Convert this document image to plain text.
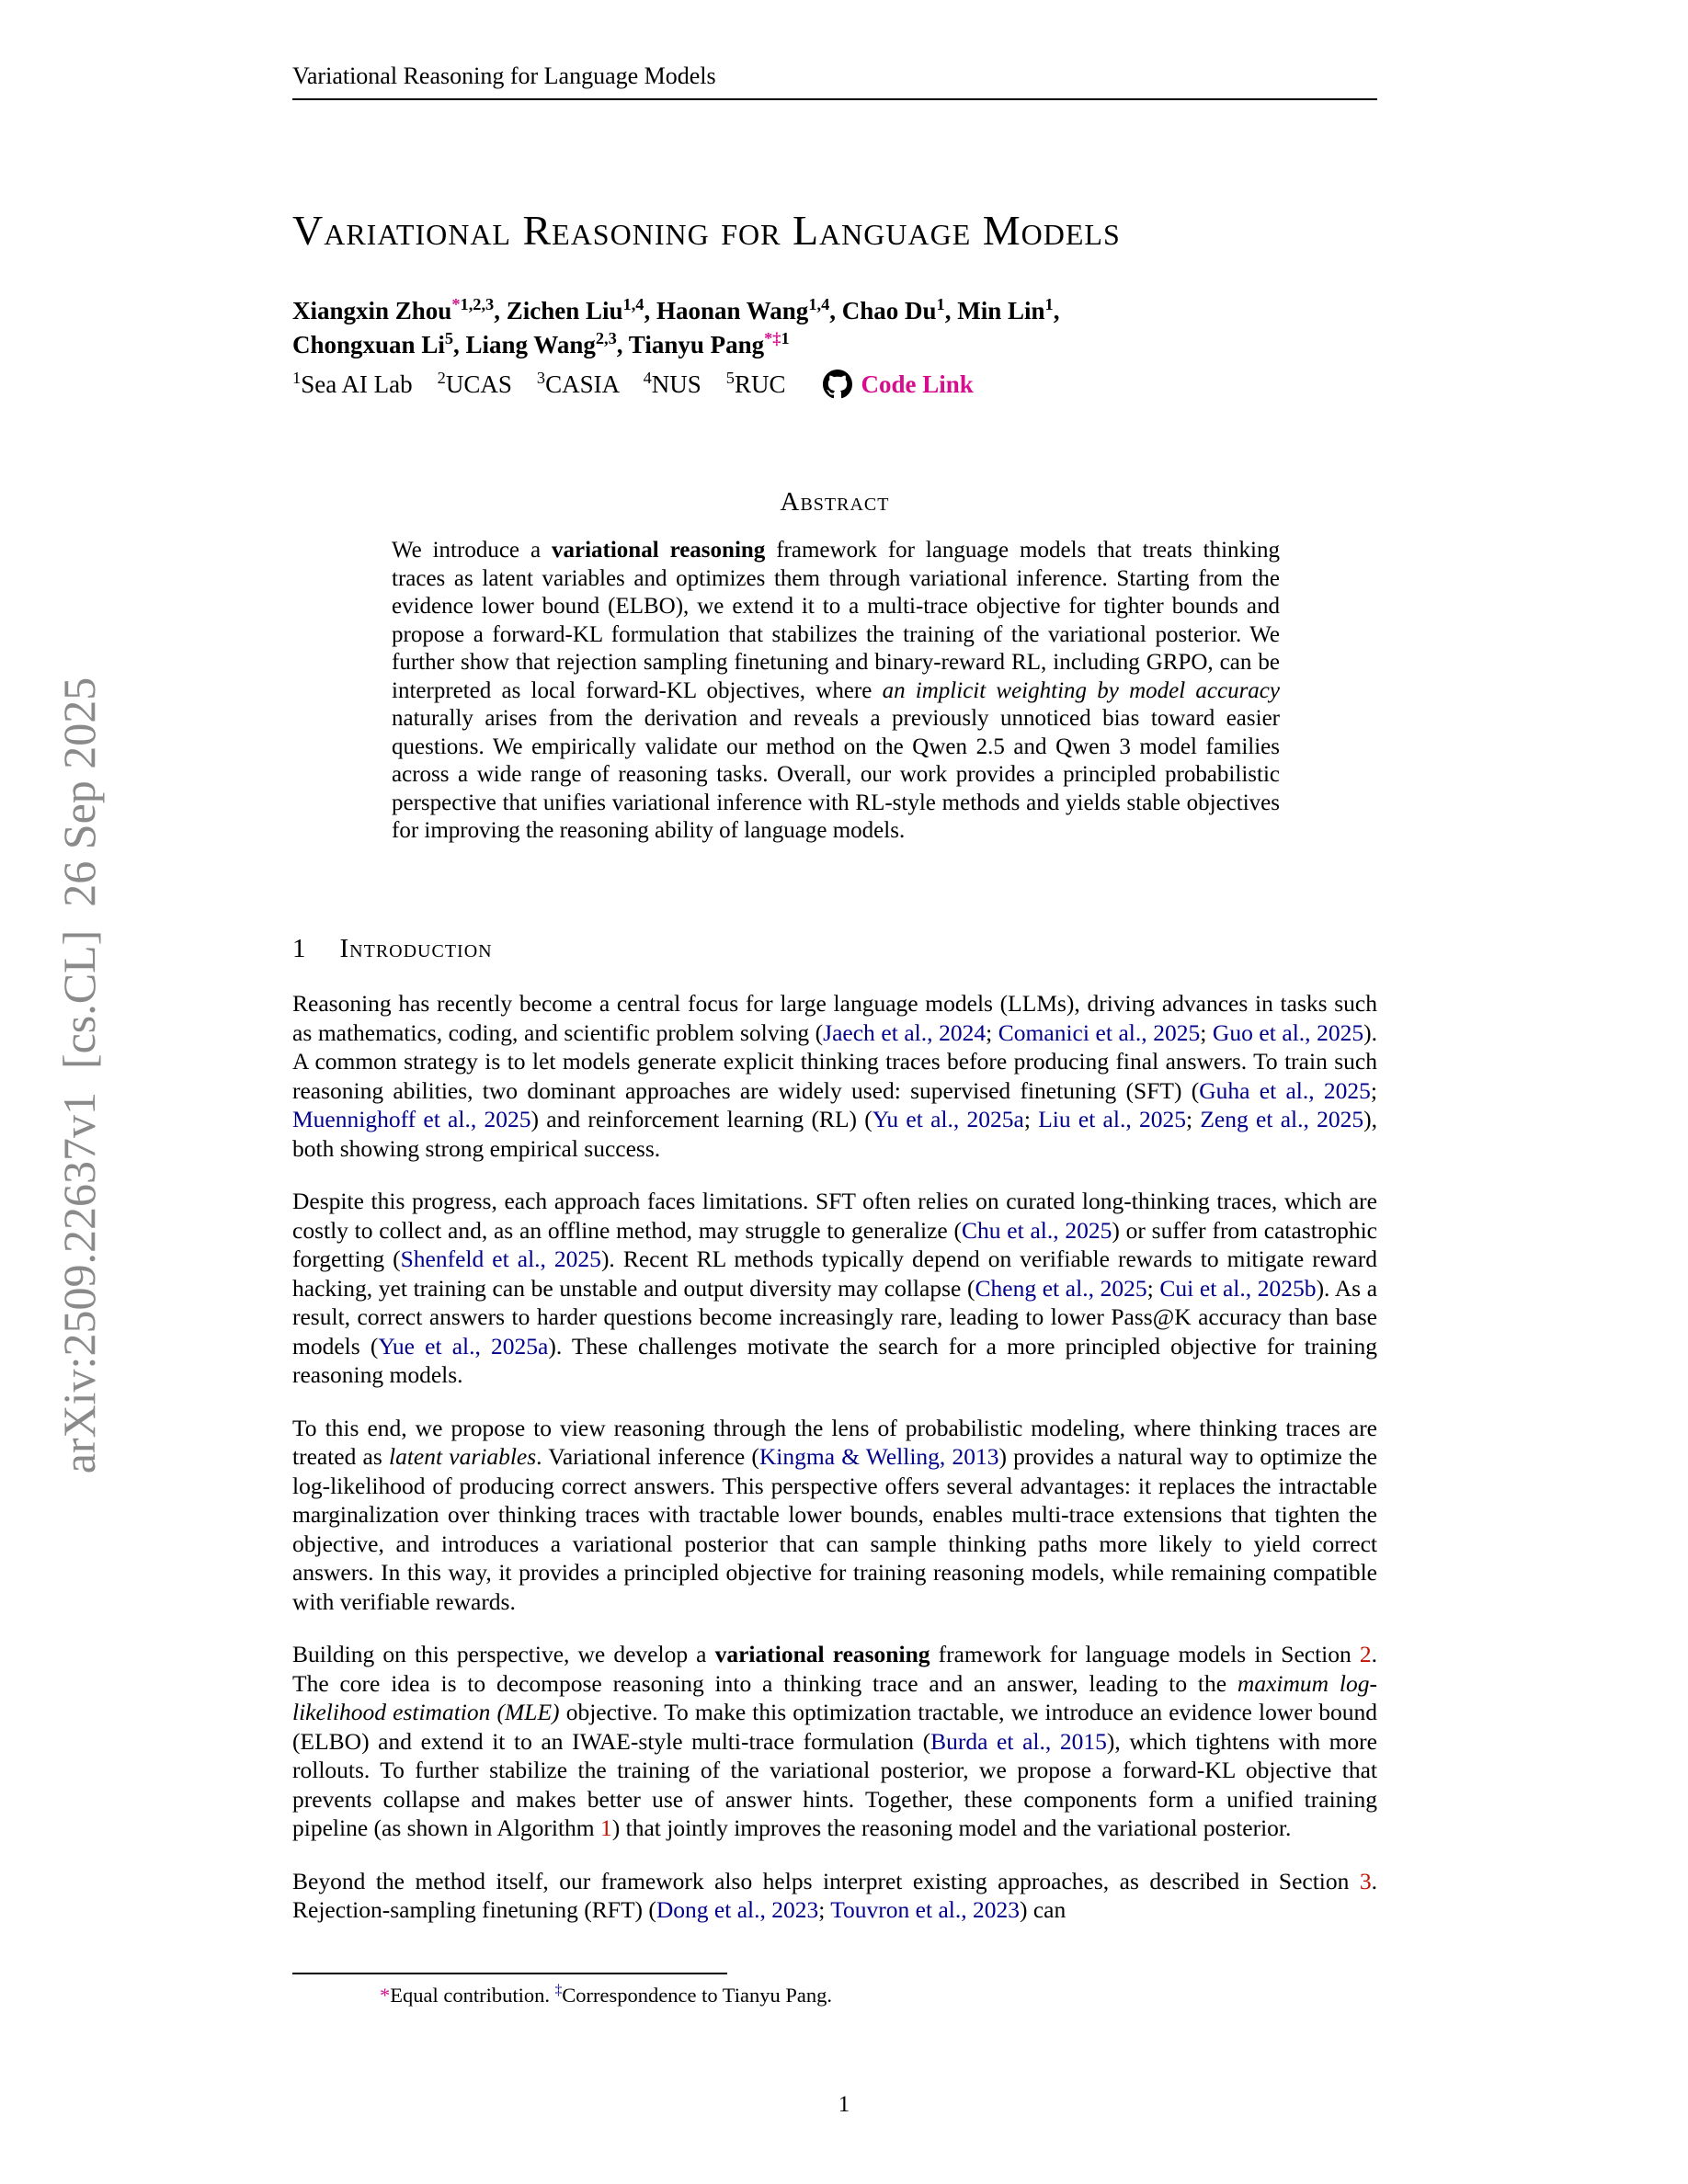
Variational Reasoning for Language Models
arXiv:2509.22637v1  [cs.CL]  26 Sep 2025
Variational Reasoning for Language Models
Xiangxin Zhou$^{*1,2,3}$, Zichen Liu$^{1,4}$, Haonan Wang$^{1,4}$, Chao Du$^1$, Min Lin$^1$,
Chongxuan Li$^5$, Liang Wang$^{2,3}$, Tianyu Pang$^{*\ddagger 1}$
$^1$Sea AI Lab    $^2$UCAS    $^3$CASIA    $^4$NUS    $^5$RUC	Code Link
Abstract
We introduce a variational reasoning framework for language models that treats thinking traces as latent variables and optimizes them through variational inference. Starting from the evidence lower bound (ELBO), we extend it to a multi-trace objective for tighter bounds and propose a forward-KL formulation that stabilizes the training of the variational posterior. We further show that rejection sampling finetuning and binary-reward RL, including GRPO, can be interpreted as local forward-KL objectives, where an implicit weighting by model accuracy naturally arises from the derivation and reveals a previously unnoticed bias toward easier questions. We empirically validate our method on the Qwen 2.5 and Qwen 3 model families across a wide range of reasoning tasks. Overall, our work provides a principled probabilistic perspective that unifies variational inference with RL-style methods and yields stable objectives for improving the reasoning ability of language models.
1 Introduction

Reasoning has recently become a central focus for large language models (LLMs), driving advances in tasks such as mathematics, coding, and scientific problem solving (Jaech et al., 2024; Comanici et al., 2025; Guo et al., 2025). A common strategy is to let models generate explicit thinking traces before producing final answers. To train such reasoning abilities, two dominant approaches are widely used: supervised finetuning (SFT) (Guha et al., 2025; Muennighoff et al., 2025) and reinforcement learning (RL) (Yu et al., 2025a; Liu et al., 2025; Zeng et al., 2025), both showing strong empirical success.

Despite this progress, each approach faces limitations. SFT often relies on curated long-thinking traces, which are costly to collect and, as an offline method, may struggle to generalize (Chu et al., 2025) or suffer from catastrophic forgetting (Shenfeld et al., 2025). Recent RL methods typically depend on verifiable rewards to mitigate reward hacking, yet training can be unstable and output diversity may collapse (Cheng et al., 2025; Cui et al., 2025b). As a result, correct answers to harder questions become increasingly rare, leading to lower Pass@K accuracy than base models (Yue et al., 2025a). These challenges motivate the search for a more principled objective for training reasoning models.

To this end, we propose to view reasoning through the lens of probabilistic modeling, where thinking traces are treated as latent variables. Variational inference (Kingma & Welling, 2013) provides a natural way to optimize the log-likelihood of producing correct answers. This perspective offers several advantages: it replaces the intractable marginalization over thinking traces with tractable lower bounds, enables multi-trace extensions that tighten the objective, and introduces a variational posterior that can sample thinking paths more likely to yield correct answers. In this way, it provides a principled objective for training reasoning models, while remaining compatible with verifiable rewards.

Building on this perspective, we develop a variational reasoning framework for language models in Section 2. The core idea is to decompose reasoning into a thinking trace and an answer, leading to the maximum log-likelihood estimation (MLE) objective. To make this optimization tractable, we introduce an evidence lower bound (ELBO) and extend it to an IWAE-style multi-trace formulation (Burda et al., 2015), which tightens with more rollouts. To further stabilize the training of the variational posterior, we propose a forward-KL objective that prevents collapse and makes better use of answer hints. Together, these components form a unified training pipeline (as shown in Algorithm 1) that jointly improves the reasoning model and the variational posterior.

Beyond the method itself, our framework also helps interpret existing approaches, as described in Section 3. Rejection-sampling finetuning (RFT) (Dong et al., 2023; Touvron et al., 2023) can

*Equal contribution. ‡Correspondence to Tianyu Pang.
1
